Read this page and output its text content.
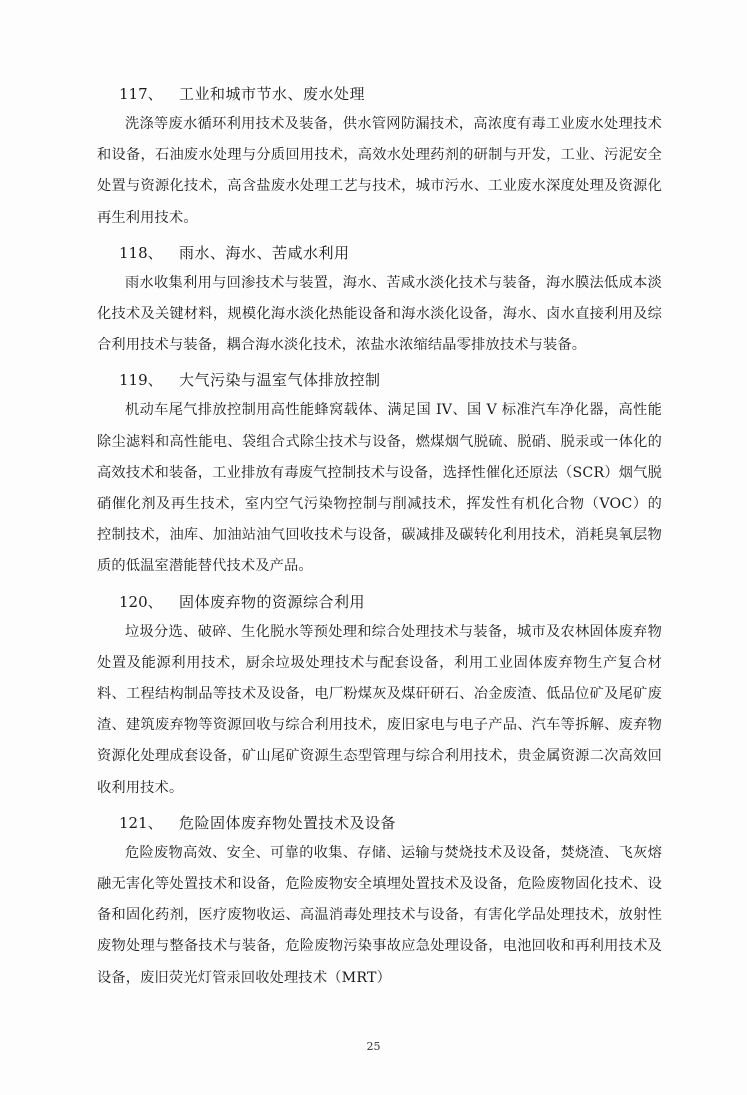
117、	工业和城市节水、废水处理

洗涤等废水循环利用技术及装备，供水管网防漏技术，高浓度有毒工业废水处理技术和设备，石油废水处理与分质回用技术，高效水处理药剂的研制与开发，工业、污泥安全处置与资源化技术，高含盐废水处理工艺与技术，城市污水、工业废水深度处理及资源化再生利用技术。

118、	雨水、海水、苦咸水利用

雨水收集利用与回渗技术与装置，海水、苦咸水淡化技术与装备，海水膜法低成本淡化技术及关键材料，规模化海水淡化热能设备和海水淡化设备，海水、卤水直接利用及综合利用技术与装备，耦合海水淡化技术，浓盐水浓缩结晶零排放技术与装备。

119、	大气污染与温室气体排放控制

机动车尾气排放控制用高性能蜂窝载体、满足国 IV、国 V 标准汽车净化器，高性能除尘滤料和高性能电、袋组合式除尘技术与设备，燃煤烟气脱硫、脱硝、脱汞或一体化的高效技术和装备，工业排放有毒废气控制技术与设备，选择性催化还原法（SCR）烟气脱硝催化剂及再生技术，室内空气污染物控制与削减技术，挥发性有机化合物（VOC）的控制技术，油库、加油站油气回收技术与设备，碳减排及碳转化利用技术，消耗臭氧层物质的低温室潜能替代技术及产品。

120、	固体废弃物的资源综合利用

垃圾分选、破碎、生化脱水等预处理和综合处理技术与装备，城市及农林固体废弃物处置及能源利用技术，厨余垃圾处理技术与配套设备，利用工业固体废弃物生产复合材料、工程结构制品等技术及设备，电厂粉煤灰及煤矸研石、冶金废渣、低品位矿及尾矿废渣、建筑废弃物等资源回收与综合利用技术，废旧家电与电子产品、汽车等拆解、废弃物资源化处理成套设备，矿山尾矿资源生态型管理与综合利用技术，贵金属资源二次高效回收利用技术。

121、	危险固体废弃物处置技术及设备

危险废物高效、安全、可靠的收集、存储、运输与焚烧技术及设备，焚烧渣、飞灰熔融无害化等处置技术和设备，危险废物安全填埋处置技术及设备，危险废物固化技术、设备和固化药剂，医疗废物收运、高温消毒处理技术与设备，有害化学品处理技术，放射性废物处理与整备技术与装备，危险废物污染事故应急处理设备，电池回收和再利用技术及设备，废旧荧光灯管汞回收处理技术（MRT）

25
